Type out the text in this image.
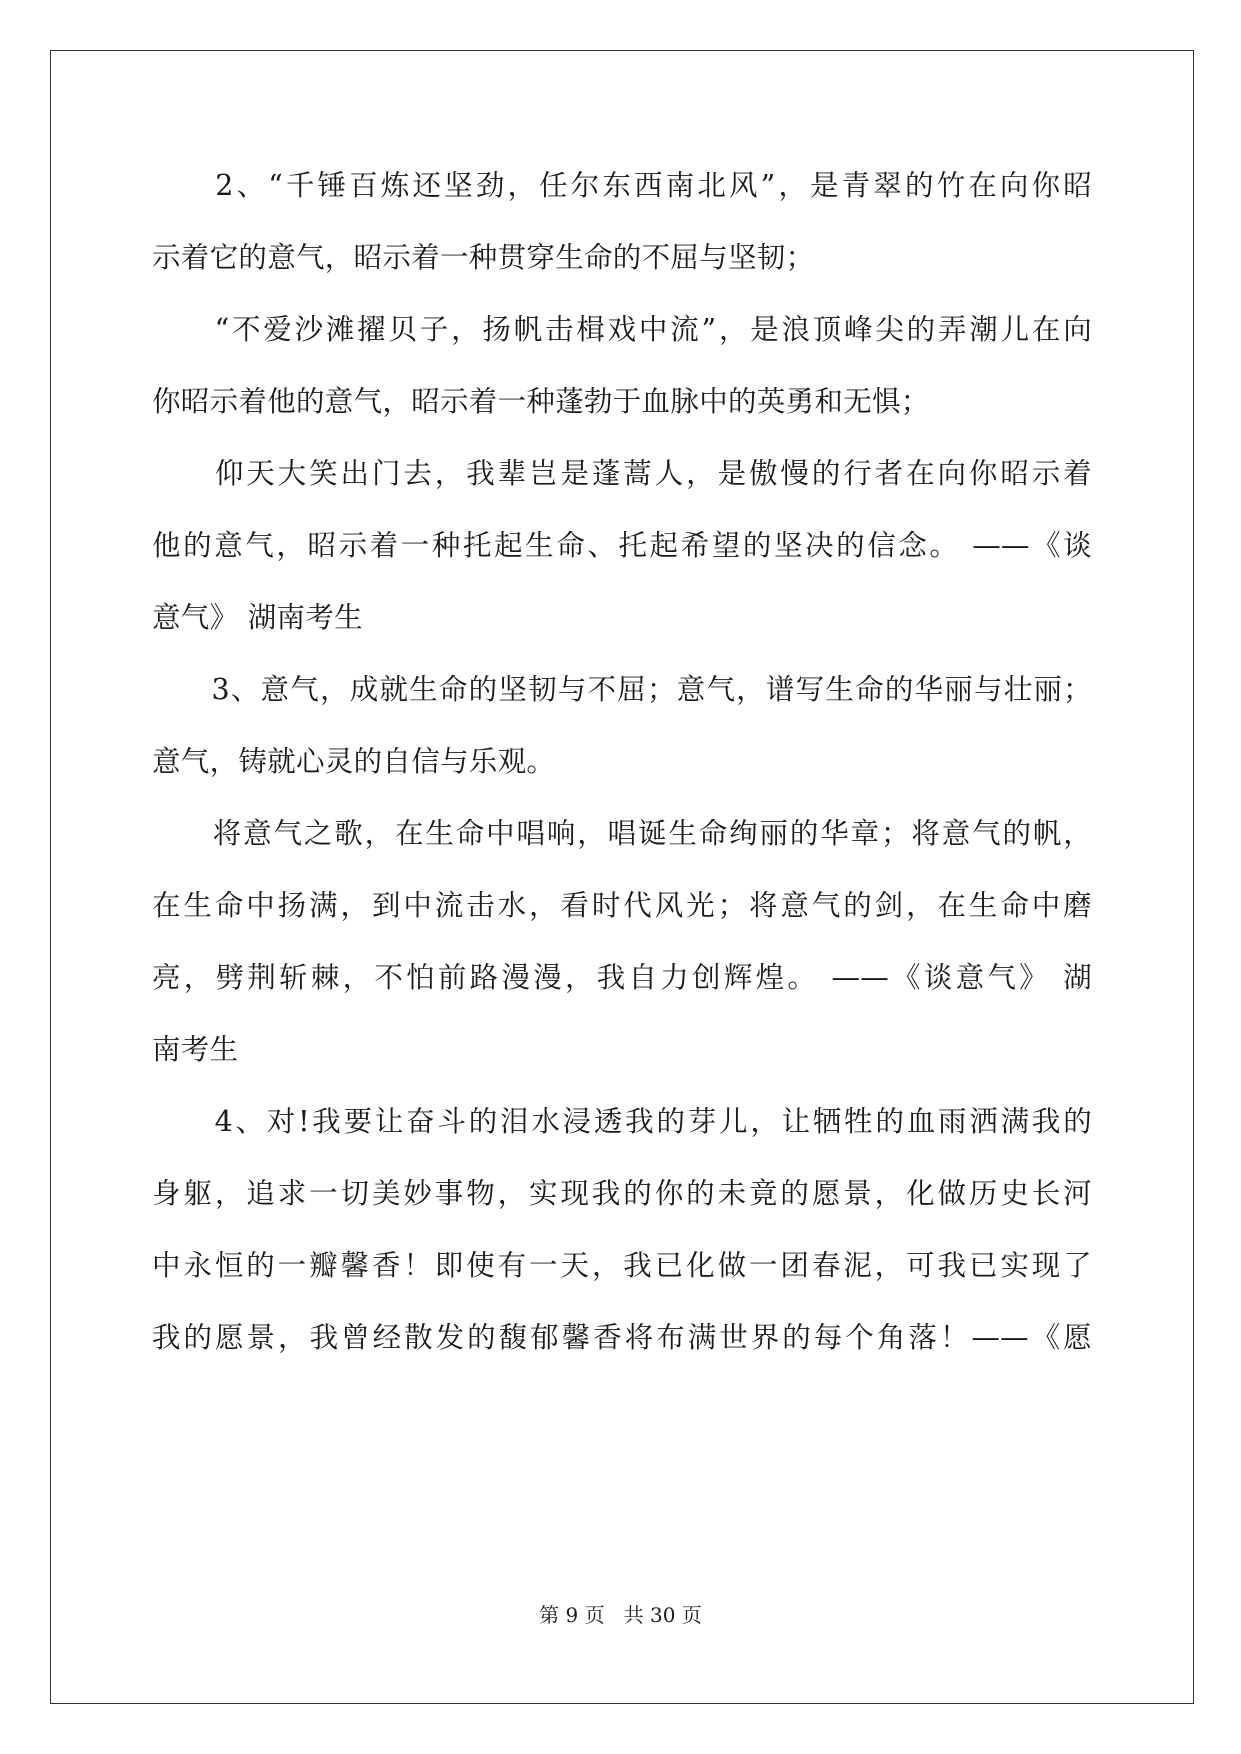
　　2、“千锤百炼还坚劲，任尔东西南北风”，是青翠的竹在向你昭
示着它的意气，昭示着一种贯穿生命的不屈与坚韧；
　　“不爱沙滩擢贝子，扬帆击楫戏中流”，是浪顶峰尖的弄潮儿在向
你昭示着他的意气，昭示着一种蓬勃于血脉中的英勇和无惧；
　　仰天大笑出门去，我辈岂是蓬蒿人，是傲慢的行者在向你昭示着
他的意气，昭示着一种托起生命、托起希望的坚决的信念。 ——《谈
意气》 湖南考生
　　3、意气，成就生命的坚韧与不屈；意气，谱写生命的华丽与壮丽；
意气，铸就心灵的自信与乐观。
　　将意气之歌，在生命中唱响，唱诞生命绚丽的华章；将意气的帆，
在生命中扬满，到中流击水，看时代风光；将意气的剑，在生命中磨
亮，劈荆斩棘，不怕前路漫漫，我自力创辉煌。 ——《谈意气》 湖
南考生
　　4、对!我要让奋斗的泪水浸透我的芽儿，让牺牲的血雨洒满我的
身躯，追求一切美妙事物，实现我的你的未竟的愿景，化做历史长河
中永恒的一瓣馨香！即使有一天，我已化做一团春泥，可我已实现了
我的愿景，我曾经散发的馥郁馨香将布满世界的每个角落！——《愿
第 9 页 共 30 页
